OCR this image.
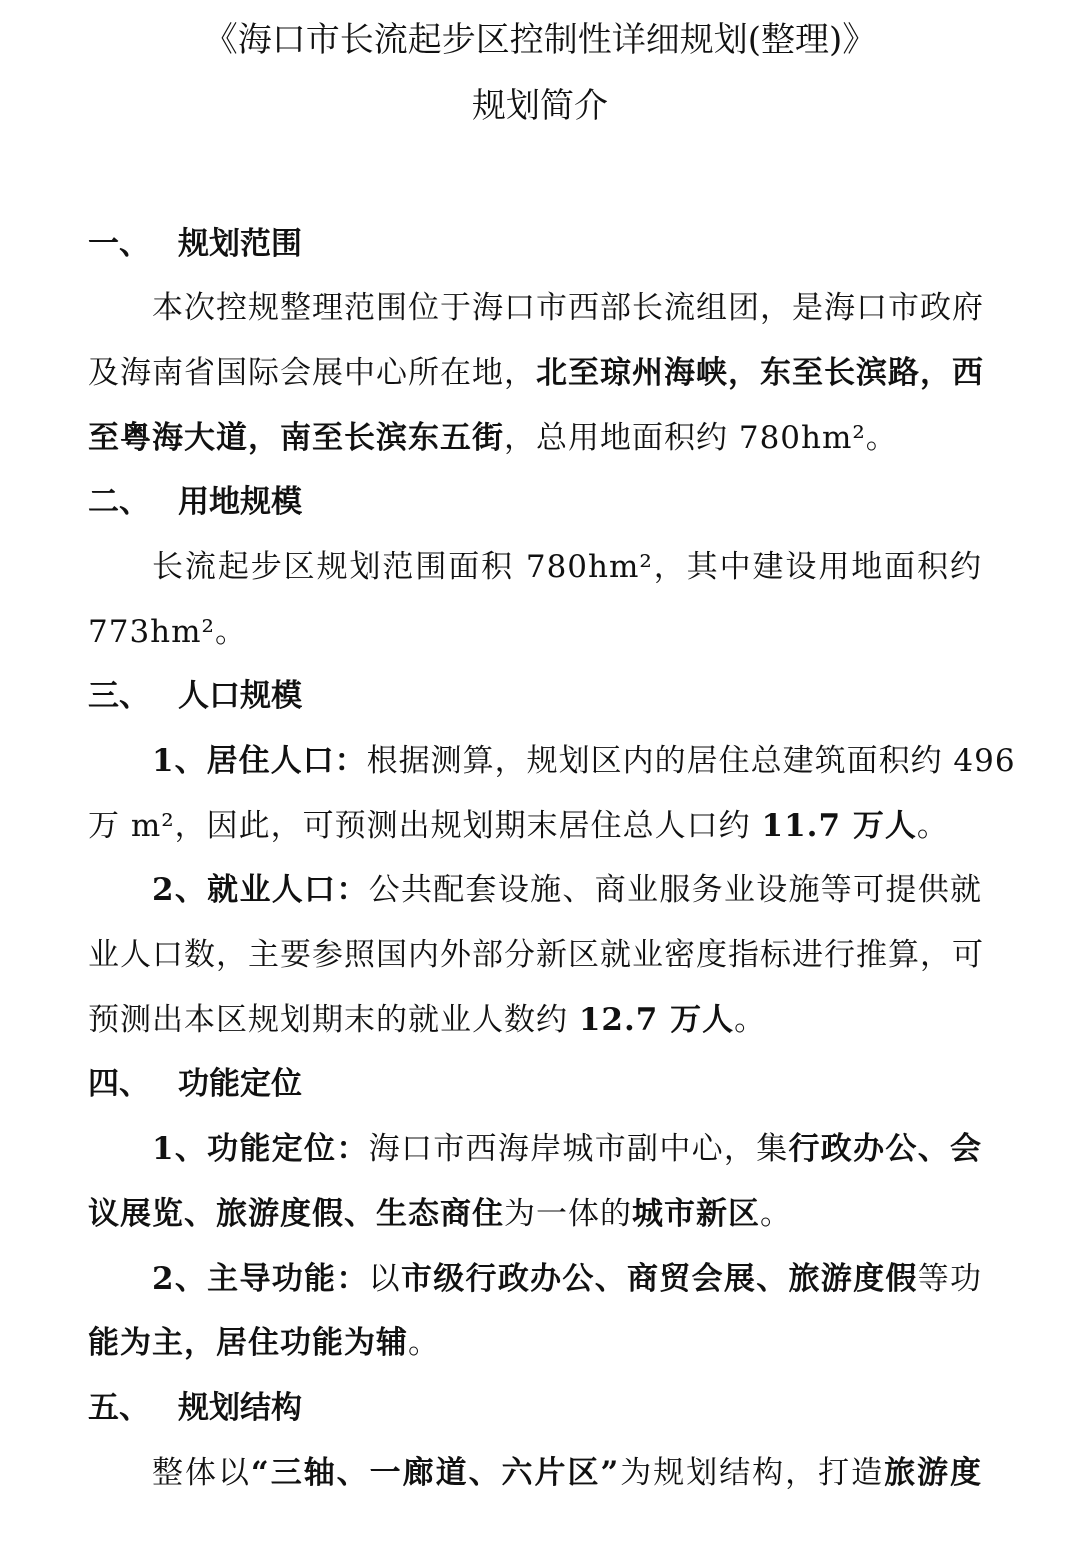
《海口市长流起步区控制性详细规划(整理)》
规划简介
一、 规划范围
本次控规整理范围位于海口市西部长流组团，是海口市政府
及海南省国际会展中心所在地，北至琼州海峡，东至长滨路，西
至粤海大道，南至长滨东五街，总用地面积约 780hm²。
二、 用地规模
长流起步区规划范围面积 780hm²，其中建设用地面积约
773hm²。
三、 人口规模
1、居住人口：根据测算，规划区内的居住总建筑面积约 496
万 m²，因此，可预测出规划期末居住总人口约 11.7 万人。
2、就业人口：公共配套设施、商业服务业设施等可提供就
业人口数，主要参照国内外部分新区就业密度指标进行推算，可
预测出本区规划期末的就业人数约 12.7 万人。
四、 功能定位
1、功能定位：海口市西海岸城市副中心，集行政办公、会
议展览、旅游度假、生态商住为一体的城市新区。
2、主导功能：以市级行政办公、商贸会展、旅游度假等功
能为主，居住功能为辅。
五、 规划结构
整体以“三轴、一廊道、六片区”为规划结构，打造旅游度
